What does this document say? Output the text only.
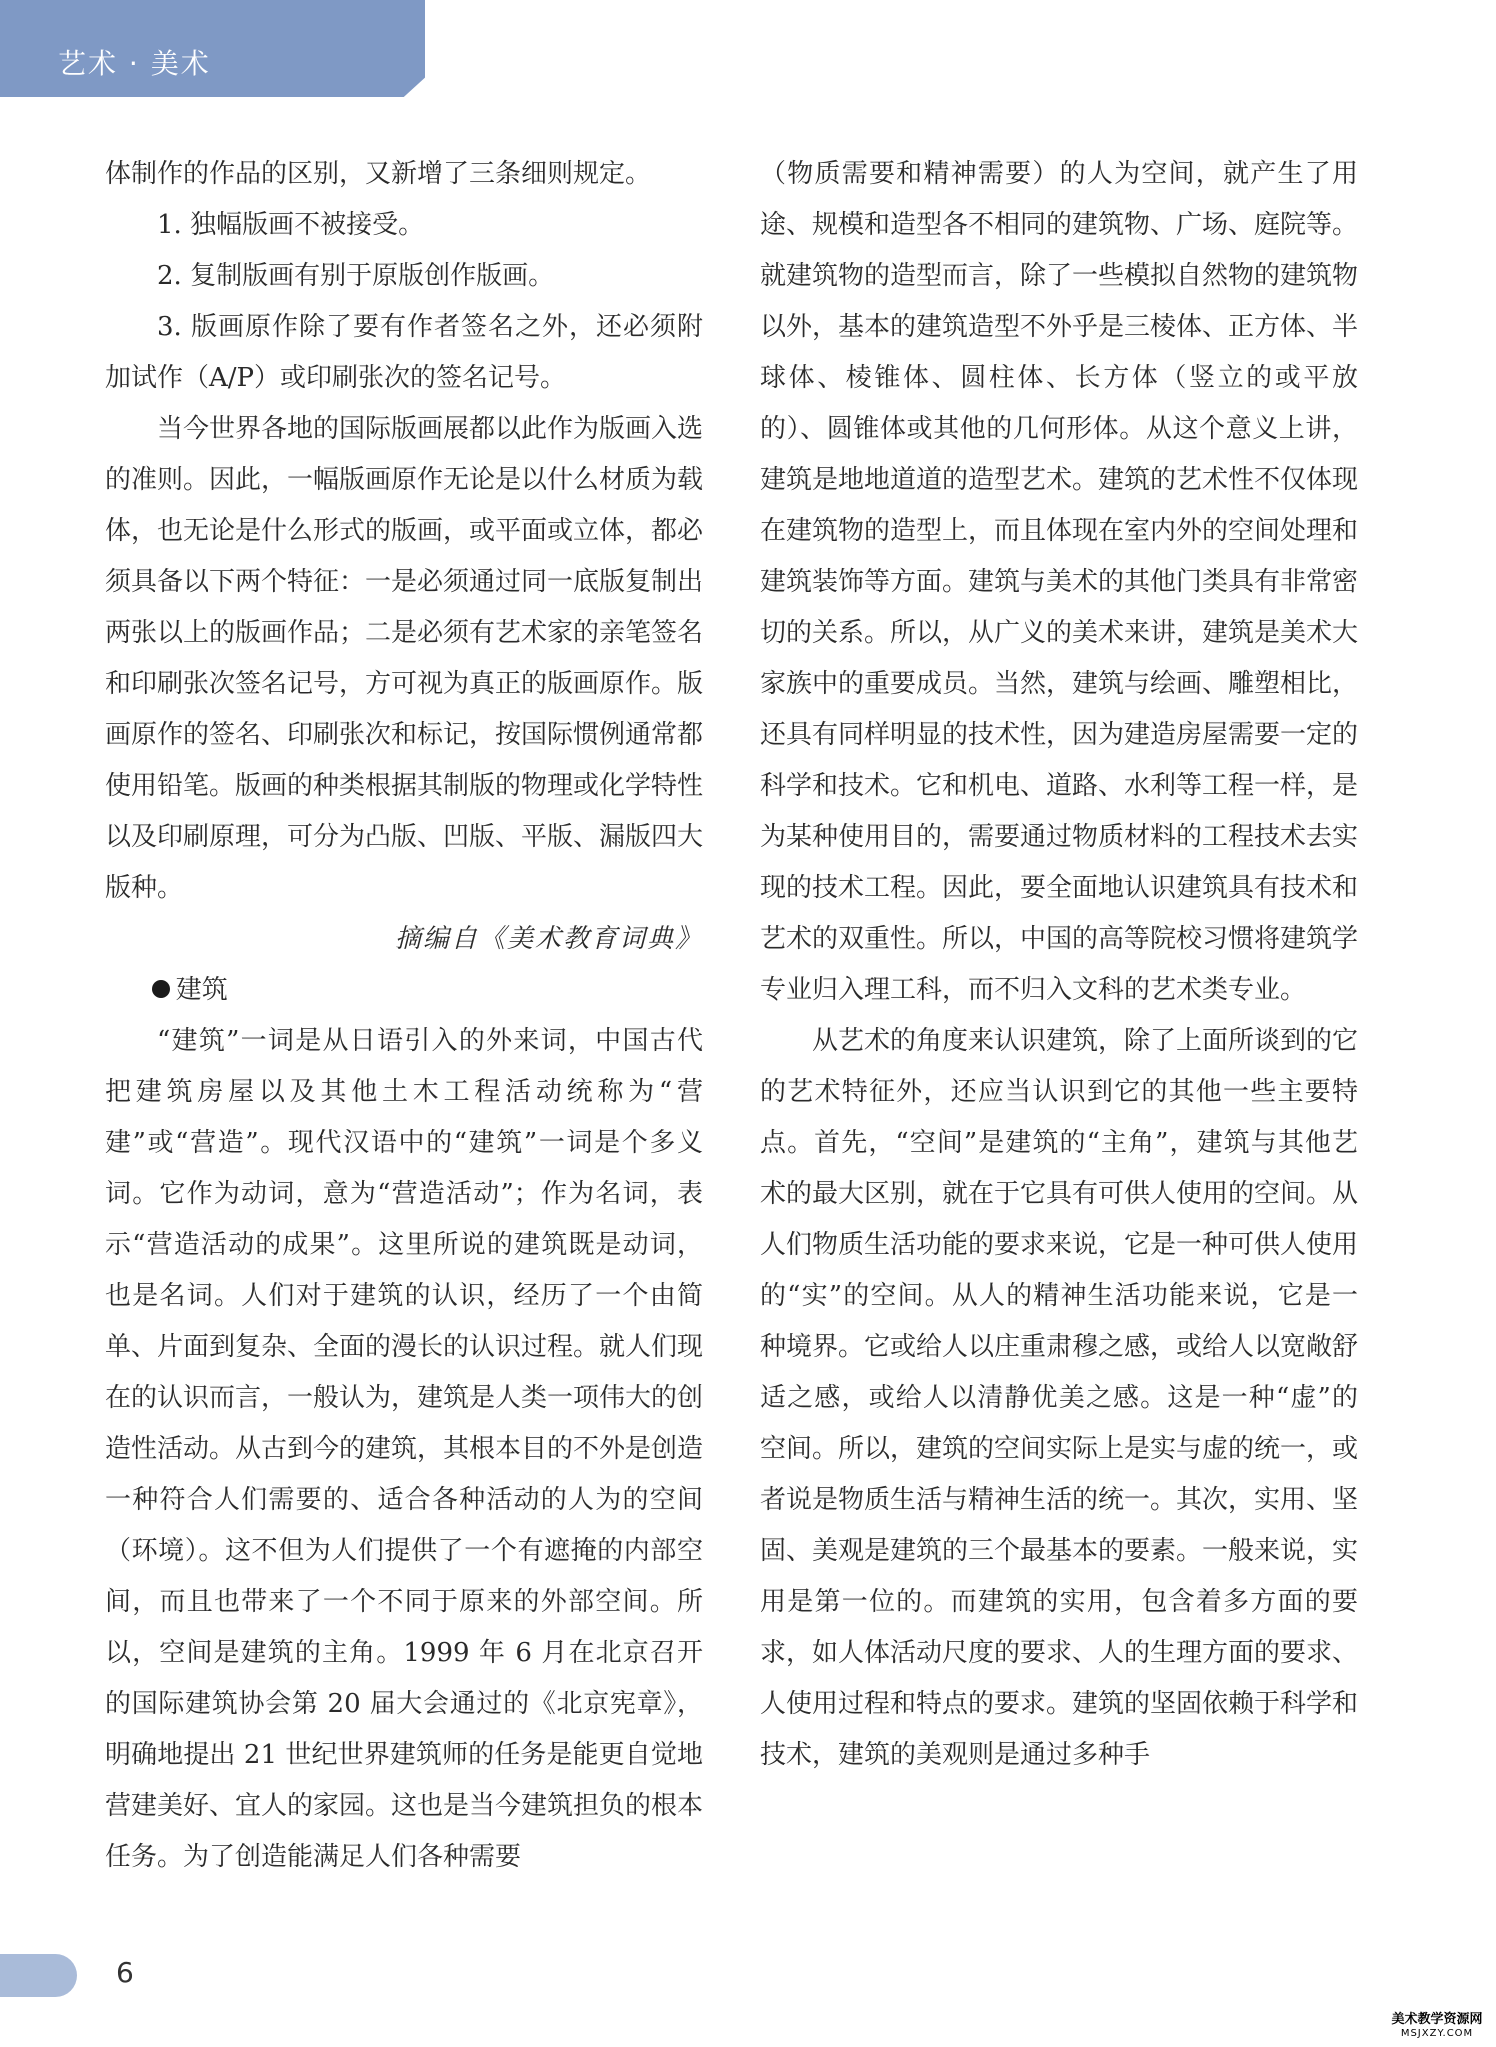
艺术 · 美术

体制作的作品的区别，又新增了三条细则规定。

1. 独幅版画不被接受。

2. 复制版画有别于原版创作版画。

3. 版画原作除了要有作者签名之外，还必须附加试作（A/P）或印刷张次的签名记号。

当今世界各地的国际版画展都以此作为版画入选的准则。因此，一幅版画原作无论是以什么材质为载体，也无论是什么形式的版画，或平面或立体，都必须具备以下两个特征：一是必须通过同一底版复制出两张以上的版画作品；二是必须有艺术家的亲笔签名和印刷张次签名记号，方可视为真正的版画原作。版画原作的签名、印刷张次和标记，按国际惯例通常都使用铅笔。版画的种类根据其制版的物理或化学特性以及印刷原理，可分为凸版、凹版、平版、漏版四大版种。

摘编自《美术教育词典》

建筑

“建筑”一词是从日语引入的外来词，中国古代把建筑房屋以及其他土木工程活动统称为“营建”或“营造”。现代汉语中的“建筑”一词是个多义词。它作为动词，意为“营造活动”；作为名词，表示“营造活动的成果”。这里所说的建筑既是动词，也是名词。人们对于建筑的认识，经历了一个由简单、片面到复杂、全面的漫长的认识过程。就人们现在的认识而言，一般认为，建筑是人类一项伟大的创造性活动。从古到今的建筑，其根本目的不外是创造一种符合人们需要的、适合各种活动的人为的空间（环境）。这不但为人们提供了一个有遮掩的内部空间，而且也带来了一个不同于原来的外部空间。所以，空间是建筑的主角。1999 年 6 月在北京召开的国际建筑协会第 20 届大会通过的《北京宪章》，明确地提出 21 世纪世界建筑师的任务是能更自觉地营建美好、宜人的家园。这也是当今建筑担负的根本任务。为了创造能满足人们各种需要

（物质需要和精神需要）的人为空间，就产生了用途、规模和造型各不相同的建筑物、广场、庭院等。就建筑物的造型而言，除了一些模拟自然物的建筑物以外，基本的建筑造型不外乎是三棱体、正方体、半球体、棱锥体、圆柱体、长方体（竖立的或平放的）、圆锥体或其他的几何形体。从这个意义上讲，建筑是地地道道的造型艺术。建筑的艺术性不仅体现在建筑物的造型上，而且体现在室内外的空间处理和建筑装饰等方面。建筑与美术的其他门类具有非常密切的关系。所以，从广义的美术来讲，建筑是美术大家族中的重要成员。当然，建筑与绘画、雕塑相比，还具有同样明显的技术性，因为建造房屋需要一定的科学和技术。它和机电、道路、水利等工程一样，是为某种使用目的，需要通过物质材料的工程技术去实现的技术工程。因此，要全面地认识建筑具有技术和艺术的双重性。所以，中国的高等院校习惯将建筑学专业归入理工科，而不归入文科的艺术类专业。

从艺术的角度来认识建筑，除了上面所谈到的它的艺术特征外，还应当认识到它的其他一些主要特点。首先，“空间”是建筑的“主角”，建筑与其他艺术的最大区别，就在于它具有可供人使用的空间。从人们物质生活功能的要求来说，它是一种可供人使用的“实”的空间。从人的精神生活功能来说，它是一种境界。它或给人以庄重肃穆之感，或给人以宽敞舒适之感，或给人以清静优美之感。这是一种“虚”的空间。所以，建筑的空间实际上是实与虚的统一，或者说是物质生活与精神生活的统一。其次，实用、坚固、美观是建筑的三个最基本的要素。一般来说，实用是第一位的。而建筑的实用，包含着多方面的要求，如人体活动尺度的要求、人的生理方面的要求、人使用过程和特点的要求。建筑的坚固依赖于科学和技术，建筑的美观则是通过多种手

6
美术教学资源网
MSJXZY.COM
